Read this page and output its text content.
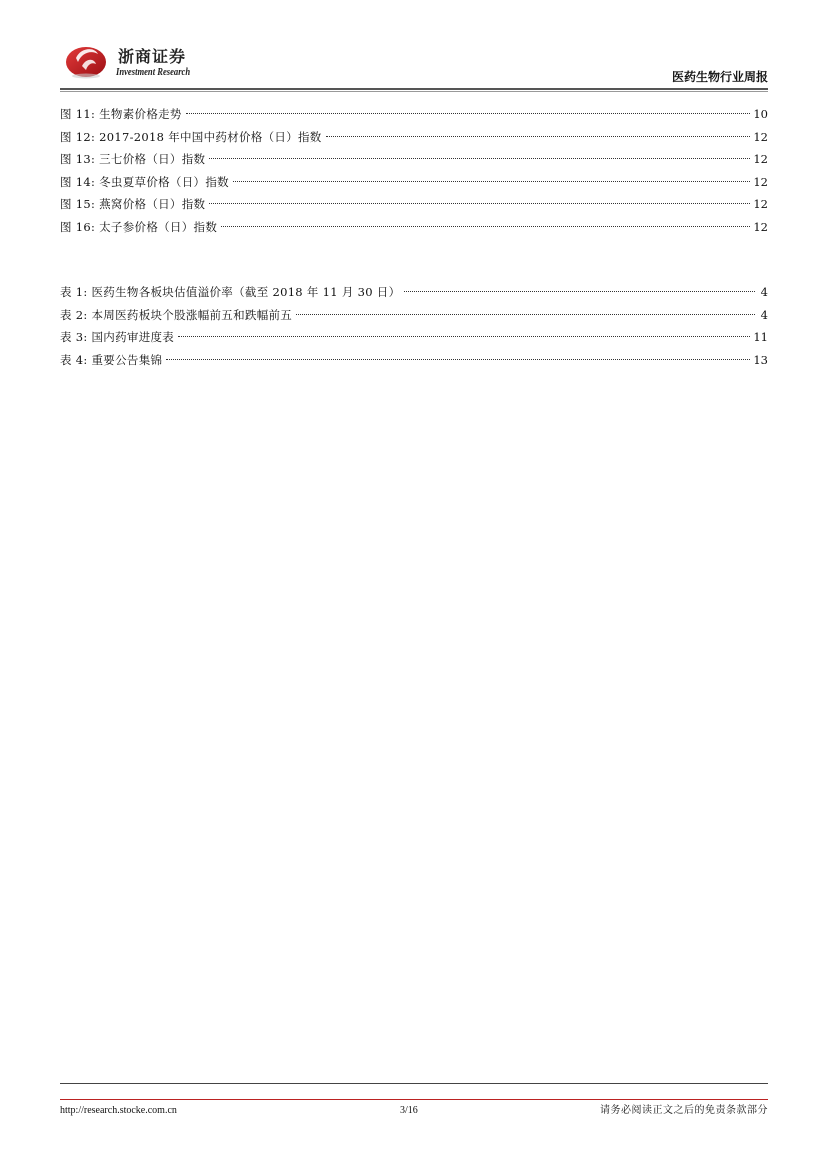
浙商证券
Investment Research	医药生物行业周报
图 11: 生物素价格走势	10
图 12: 2017-2018 年中国中药材价格（日）指数	12
图 13: 三七价格（日）指数	12
图 14: 冬虫夏草价格（日）指数	12
图 15: 燕窝价格（日）指数	12
图 16: 太子参价格（日）指数	12
表 1: 医药生物各板块估值溢价率（截至 2018 年 11 月 30 日）	4
表 2: 本周医药板块个股涨幅前五和跌幅前五	4
表 3: 国内药审进度表	11
表 4: 重要公告集锦	13
http://research.stocke.com.cn	3/16	请务必阅读正文之后的免责条款部分
